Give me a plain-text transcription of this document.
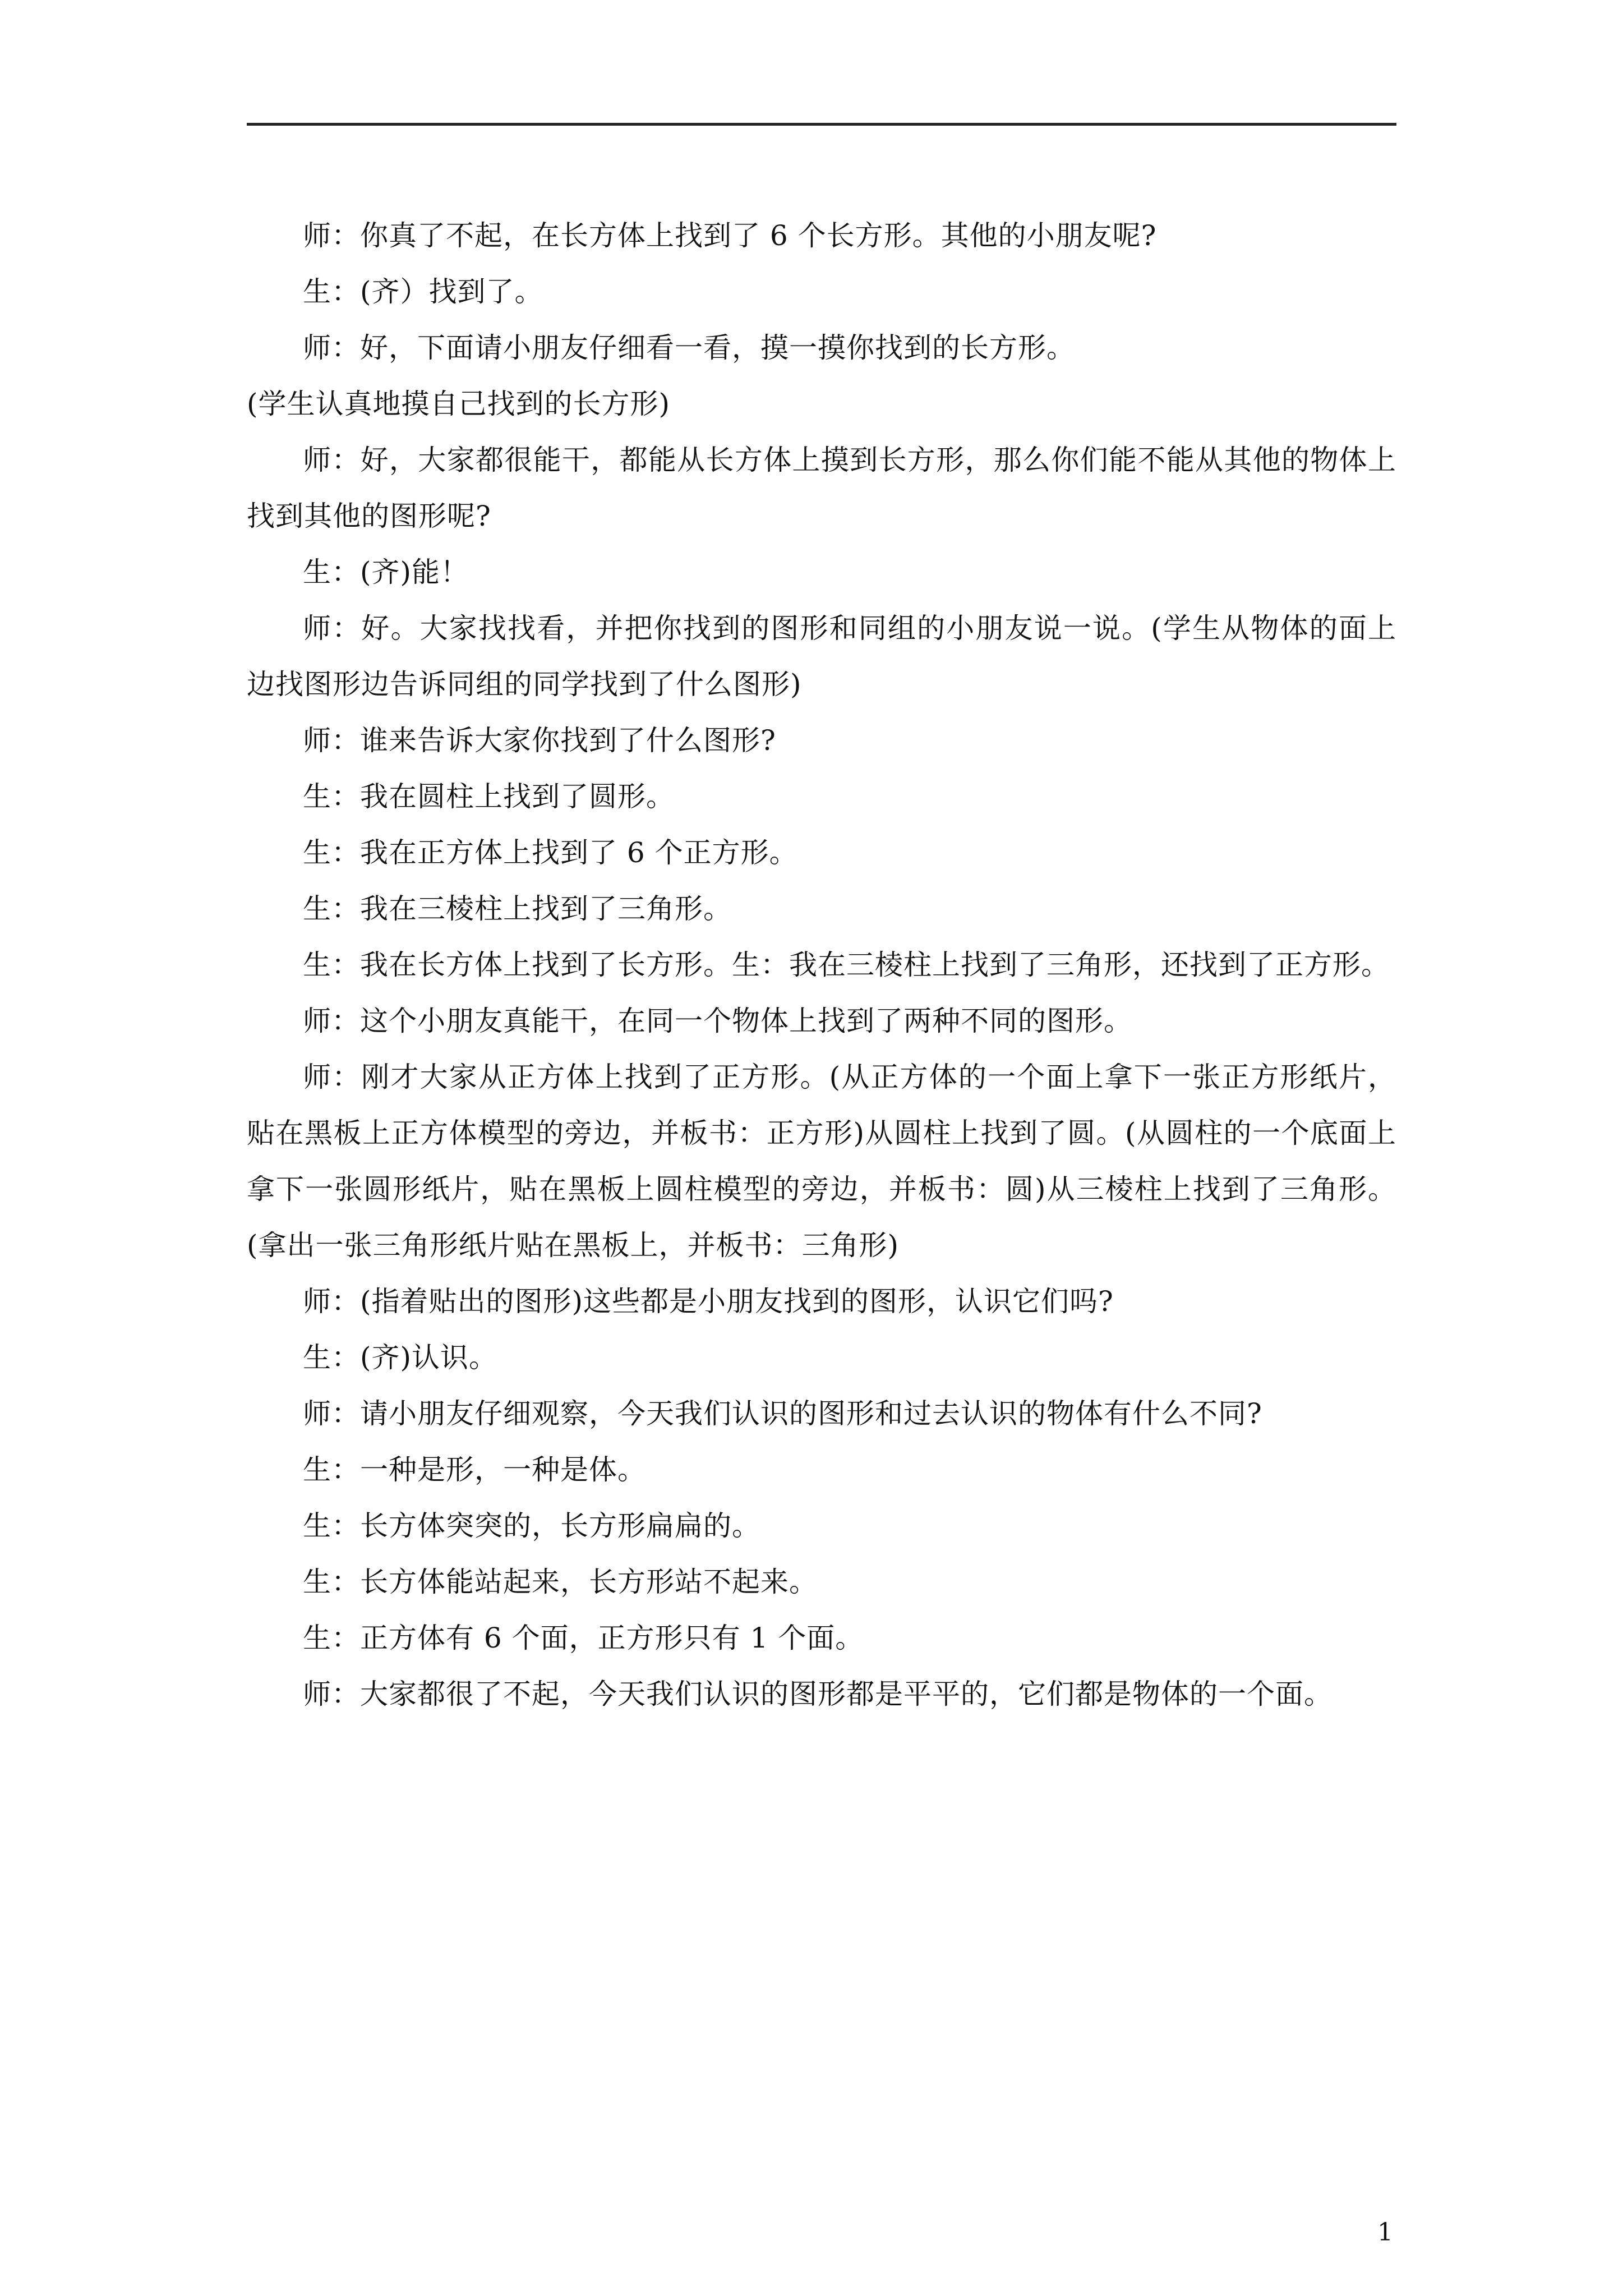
师：你真了不起，在长方体上找到了 6 个长方形。其他的小朋友呢?

生：(齐）找到了。

师：好，下面请小朋友仔细看一看，摸一摸你找到的长方形。

(学生认真地摸自己找到的长方形)

师：好，大家都很能干，都能从长方体上摸到长方形，那么你们能不能从其他的物体上找到其他的图形呢?

生：(齐)能！

师：好。大家找找看，并把你找到的图形和同组的小朋友说一说。(学生从物体的面上边找图形边告诉同组的同学找到了什么图形)

师：谁来告诉大家你找到了什么图形?

生：我在圆柱上找到了圆形。

生：我在正方体上找到了 6 个正方形。

生：我在三棱柱上找到了三角形。

生：我在长方体上找到了长方形。生：我在三棱柱上找到了三角形，还找到了正方形。

师：这个小朋友真能干，在同一个物体上找到了两种不同的图形。

师：刚才大家从正方体上找到了正方形。(从正方体的一个面上拿下一张正方形纸片，贴在黑板上正方体模型的旁边，并板书：正方形)从圆柱上找到了圆。(从圆柱的一个底面上拿下一张圆形纸片，贴在黑板上圆柱模型的旁边，并板书：圆)从三棱柱上找到了三角形。(拿出一张三角形纸片贴在黑板上，并板书：三角形)

师：(指着贴出的图形)这些都是小朋友找到的图形，认识它们吗?

生：(齐)认识。

师：请小朋友仔细观察，今天我们认识的图形和过去认识的物体有什么不同?

生：一种是形，一种是体。

生：长方体突突的，长方形扁扁的。

生：长方体能站起来，长方形站不起来。

生：正方体有 6 个面，正方形只有 1 个面。

师：大家都很了不起，今天我们认识的图形都是平平的，它们都是物体的一个面。

1
